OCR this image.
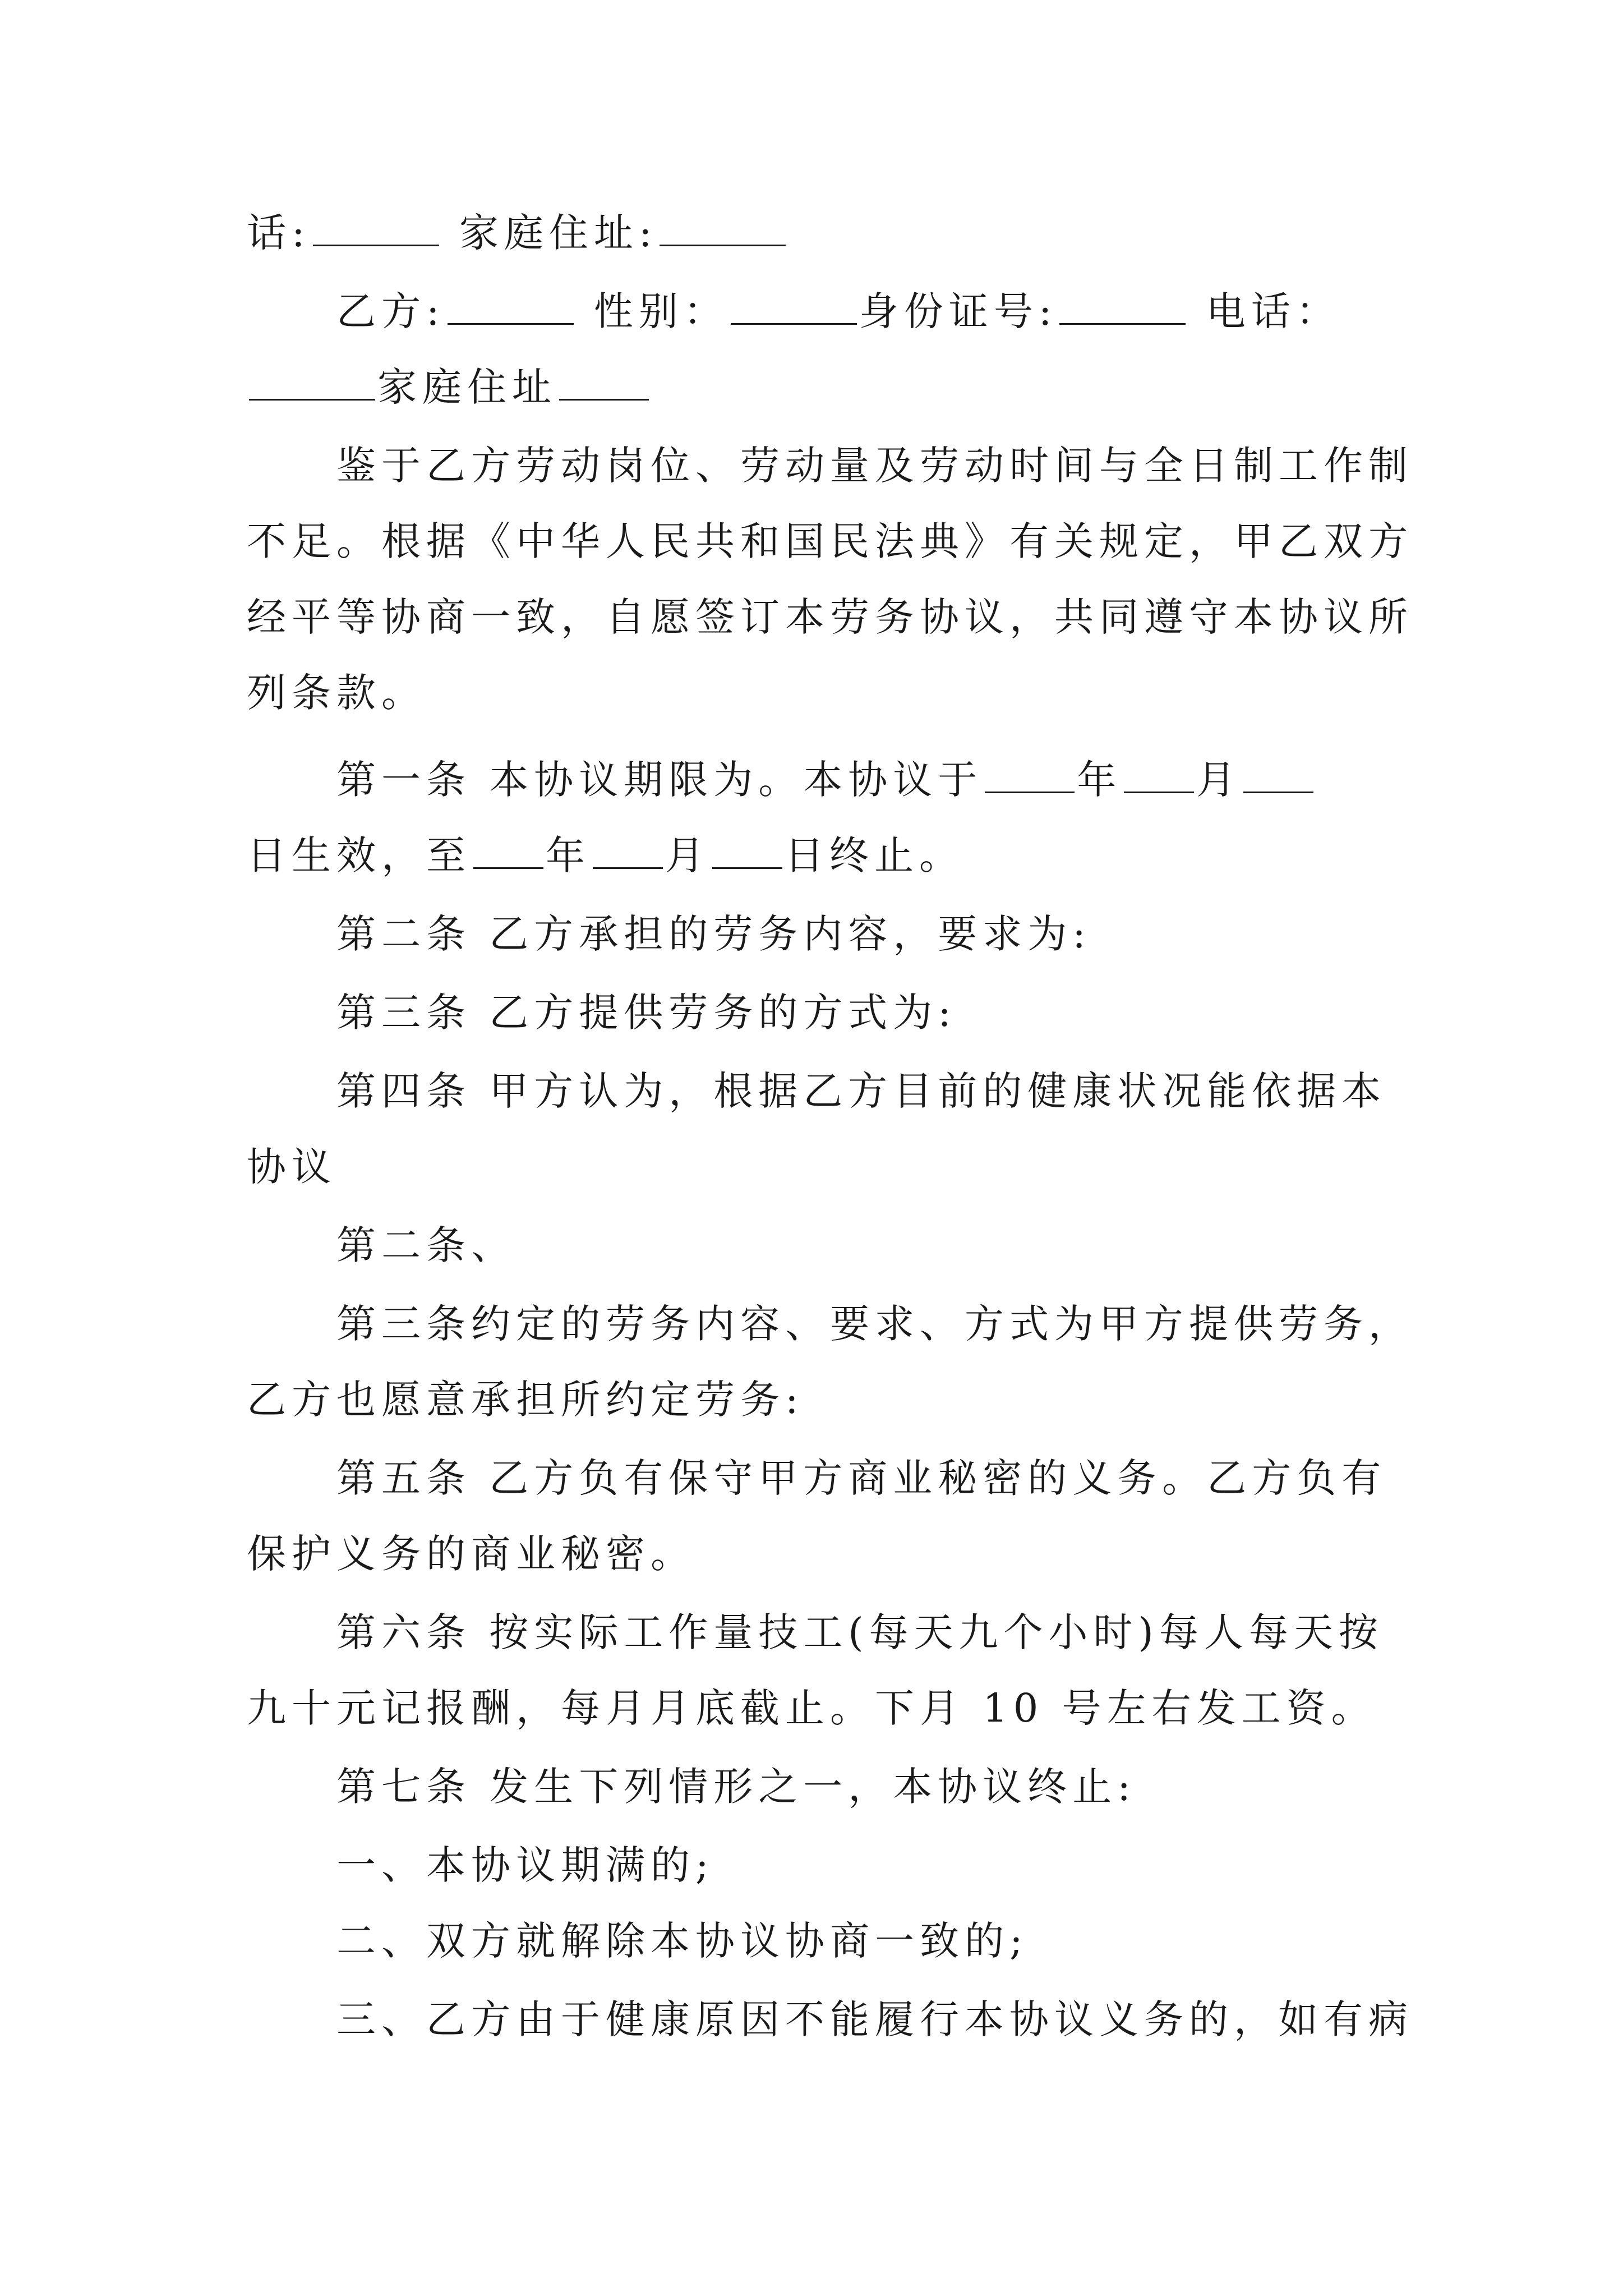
话:	家庭住址:
乙方:	性别：	身份证号:	电话：
家庭住址
鉴于乙方劳动岗位、劳动量及劳动时间与全日制工作制
不足。根据《中华人民共和国民法典》有关规定，甲乙双方
经平等协商一致，自愿签订本劳务协议，共同遵守本协议所
列条款。
第一条 本协议期限为。本协议于 年 月
日生效，至 年 月 日终止。
第二条 乙方承担的劳务内容，要求为:
第三条 乙方提供劳务的方式为:
第四条 甲方认为，根据乙方目前的健康状况能依据本
协议
第二条、
第三条约定的劳务内容、要求、方式为甲方提供劳务，
乙方也愿意承担所约定劳务:
第五条 乙方负有保守甲方商业秘密的义务。乙方负有
保护义务的商业秘密。
第六条 按实际工作量技工(每天九个小时)每人每天按
九十元记报酬，每月月底截止。下月 10 号左右发工资。
第七条 发生下列情形之一，本协议终止:
一、本协议期满的;
二、双方就解除本协议协商一致的;
三、乙方由于健康原因不能履行本协议义务的，如有病
